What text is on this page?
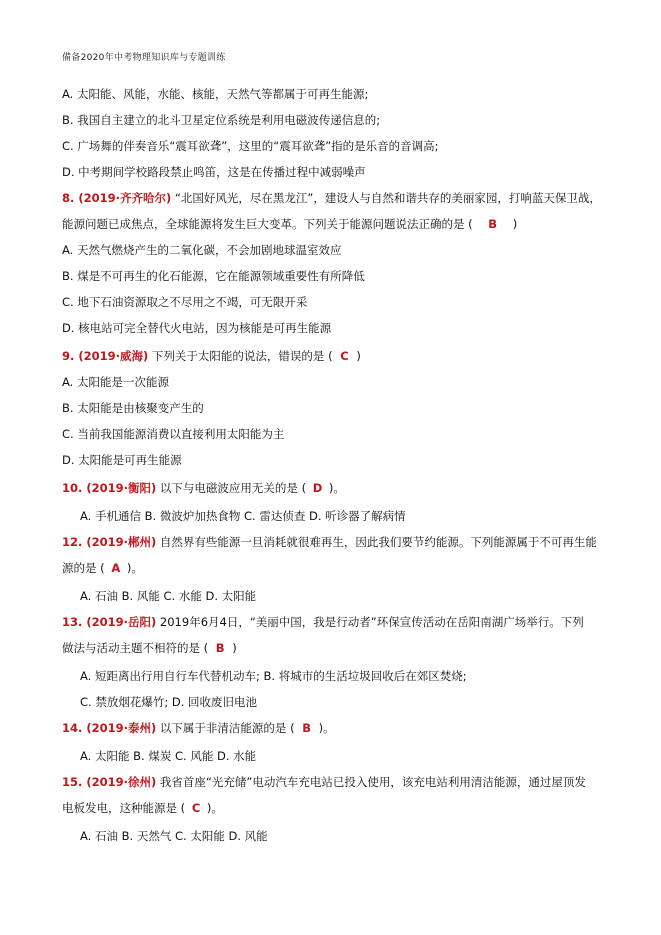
備备2020年中考物理知识库与专题训练
A. 太阳能、风能，水能、核能，天然气等都属于可再生能源;
B. 我国自主建立的北斗卫星定位系统是利用电磁波传递信息的;
C. 广场舞的伴奏音乐“震耳欲聋”，这里的“震耳欲聋”指的是乐音的音调高;
D. 中考期间学校路段禁止鸣笛，这是在传播过程中减弱噪声
8. (2019·齐齐哈尔) “北国好风光，尽在黑龙江”，建设人与自然和谐共存的美丽家园，打响蓝天保卫战，
能源问题已成焦点，全球能源将发生巨大变革。下列关于能源问题说法正确的是 ( B )
A. 天然气燃烧产生的二氧化碳，不会加剧地球温室效应
B. 煤是不可再生的化石能源，它在能源领域重要性有所降低
C. 地下石油资源取之不尽用之不竭，可无限开采
D. 核电站可完全替代火电站，因为核能是可再生能源
9. (2019·威海) 下列关于太阳能的说法，错误的是 ( C )
A. 太阳能是一次能源
B. 太阳能是由核聚变产生的
C. 当前我国能源消费以直接利用太阳能为主
D. 太阳能是可再生能源
10. (2019·衡阳) 以下与电磁波应用无关的是 ( D )。
A. 手机通信 B. 微波炉加热食物 C. 雷达侦查 D. 听诊器了解病情
12. (2019·郴州) 自然界有些能源一旦消耗就很难再生，因此我们要节约能源。下列能源属于不可再生能
源的是 ( A )。
A. 石油 B. 风能 C. 水能 D. 太阳能
13. (2019·岳阳) 2019年6月4日，“美丽中国，我是行动者”环保宣传活动在岳阳南湖广场举行。下列
做法与活动主题不相符的是 ( B )
A. 短距离出行用自行车代替机动车; B. 将城市的生活垃圾回收后在郊区焚烧;
C. 禁放烟花爆竹; D. 回收废旧电池
14. (2019·泰州) 以下属于非清洁能源的是 ( B )。
A. 太阳能 B. 煤炭 C. 风能 D. 水能
15. (2019·徐州) 我省首座“光充储”电动汽车充电站已投入使用，该充电站利用清洁能源，通过屋顶发
电板发电，这种能源是 ( C )。
A. 石油 B. 天然气 C. 太阳能 D. 风能
